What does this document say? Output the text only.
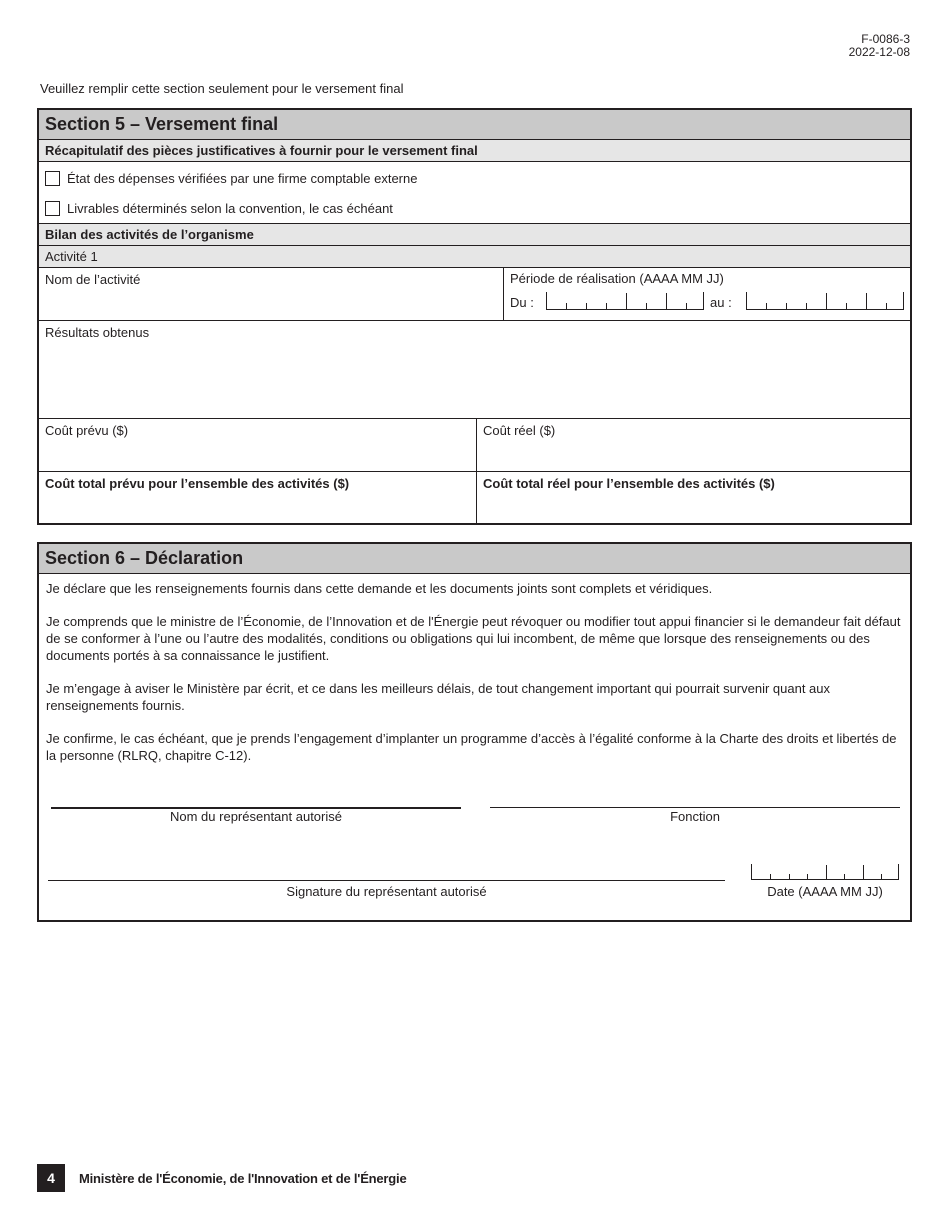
F-0086-3
2022-12-08
Veuillez remplir cette section seulement pour le versement final
Section 5 – Versement final
Récapitulatif des pièces justificatives à fournir pour le versement final
État des dépenses vérifiées par une firme comptable externe
Livrables déterminés selon la convention, le cas échéant
Bilan des activités de l’organisme
Activité 1
Nom de l’activité	Période de réalisation (AAAA MM JJ)
Du :	au :
Résultats obtenus
Coût prévu ($)	Coût réel ($)
Coût total prévu pour l’ensemble des activités ($)	Coût total réel pour l’ensemble des activités ($)
Section 6 – Déclaration

Je déclare que les renseignements fournis dans cette demande et les documents joints sont complets et véridiques.

Je comprends que le ministre de l’Économie, de l’Innovation et de l'Énergie peut révoquer ou modifier tout appui financier si le demandeur fait défaut de se conformer à l’une ou l’autre des modalités, conditions ou obligations qui lui incombent, de même que lorsque des renseignements ou des documents portés à sa connaissance le justifient.

Je m’engage à aviser le Ministère par écrit, et ce dans les meilleurs délais, de tout changement important qui pourrait survenir quant aux renseignements fournis.

Je confirme, le cas échéant, que je prends l’engagement d’implanter un programme d’accès à l’égalité conforme à la Charte des droits et libertés de la personne (RLRQ, chapitre C-12).

Nom du représentant autorisé	Fonction
Signature du représentant autorisé	Date (AAAA MM JJ)
4	Ministère de l'Économie, de l'Innovation et de l'Énergie
